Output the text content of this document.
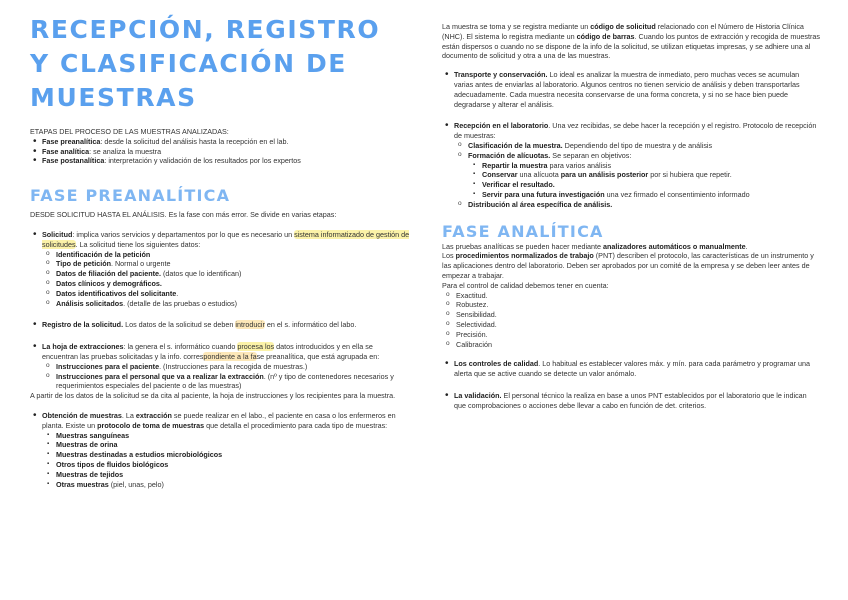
RECEPCIÓN, REGISTRO Y CLASIFICACIÓN DE MUESTRAS

ETAPAS DEL PROCESO DE LAS MUESTRAS ANALIZADAS:

• Fase preanalítica: desde la solicitud del análisis hasta la recepción en el lab.
• Fase analítica: se analiza la muestra
• Fase postanalítica: interpretación y validación de los resultados por los expertos
FASE PREANALÍTICA

DESDE SOLICITUD HASTA EL ANÁLISIS. Es la fase con más error. Se divide en varias etapas:

• Solicitud: implica varios servicios y departamentos por lo que es necesario un sistema informatizado de gestión de solicitudes. La solicitud tiene los siguientes datos:
o Identificación de la petición
o Tipo de petición. Normal o urgente
o Datos de filiación del paciente. (datos que lo identifican)
o Datos clínicos y demográficos.
o Datos identificativos del solicitante.
o Análisis solicitados. (detalle de las pruebas o estudios)
• Registro de la solicitud. Los datos de la solicitud se deben introducir en el s. informático del labo.
• La hoja de extracciones: la genera el s. informático cuando procesa los datos introducidos y en ella se encuentran las pruebas solicitadas y la info. correspondiente a la fase preanalítica, que está agrupada en:
o Instrucciones para el paciente. (Instrucciones para la recogida de muestras.)
o Instrucciones para el personal que va a realizar la extracción. (nº y tipo de contenedores necesarios y requerimientos especiales del paciente o de las muestras)

A partir de los datos de la solicitud se da cita al paciente, la hoja de instrucciones y los recipientes para la muestra.

• Obtención de muestras. La extracción se puede realizar en el labo., el paciente en casa o los enfermeros en planta. Existe un protocolo de toma de muestras que detalla el procedimiento para cada tipo de muestras:
▪ Muestras sanguíneas
▪ Muestras de orina
▪ Muestras destinadas a estudios microbiológicos
▪ Otros tipos de fluidos biológicos
▪ Muestras de tejidos
▪ Otras muestras (piel, unas, pelo)

La muestra se toma y se registra mediante un código de solicitud relacionado con el Número de Historia Clínica (NHC). El sistema lo registra mediante un código de barras. Cuando los puntos de extracción y recogida de muestras están dispersos o cuando no se dispone de la info de la solicitud, se utilizan etiquetas impresas, y se adhiere una al documento de solicitud y otra a una de las muestras.

• Transporte y conservación. Lo ideal es analizar la muestra de inmediato, pero muchas veces se acumulan varias antes de enviarlas al laboratorio. Algunos centros no tienen servicio de análisis y deben transportarlas adecuadamente. Cada muestra necesita conservarse de una forma concreta, y si no se hace bien puede degradarse y alterar el análisis.
• Recepción en el laboratorio. Una vez recibidas, se debe hacer la recepción y el registro. Protocolo de recepción de muestras:
o Clasificación de la muestra. Dependiendo del tipo de muestra y de análisis
o Formación de alícuotas. Se separan en objetivos:
▪ Repartir la muestra para varios análisis
▪ Conservar una alícuota para un análisis posterior por si hubiera que repetir.
▪ Verificar el resultado.
▪ Servir para una futura investigación una vez firmado el consentimiento informado
o Distribución al área específica de análisis.
FASE ANALÍTICA

Las pruebas analíticas se pueden hacer mediante analizadores automáticos o manualmente.

Los procedimientos normalizados de trabajo (PNT) describen el protocolo, las características de un instrumento y las aplicaciones dentro del laboratorio. Deben ser aprobados por un comité de la empresa y se deben leer antes de empezar a trabajar.

Para el control de calidad debemos tener en cuenta:

o Exactitud.
o Robustez.
o Sensibilidad.
o Selectividad.
o Precisión.
o Calibración
• Los controles de calidad. Lo habitual es establecer valores máx. y mín. para cada parámetro y programar una alerta que se active cuando se detecte un valor anómalo.
• La validación. El personal técnico la realiza en base a unos PNT establecidos por el laboratorio que le indican que comprobaciones o acciones debe llevar a cabo en función de det. criterios.
